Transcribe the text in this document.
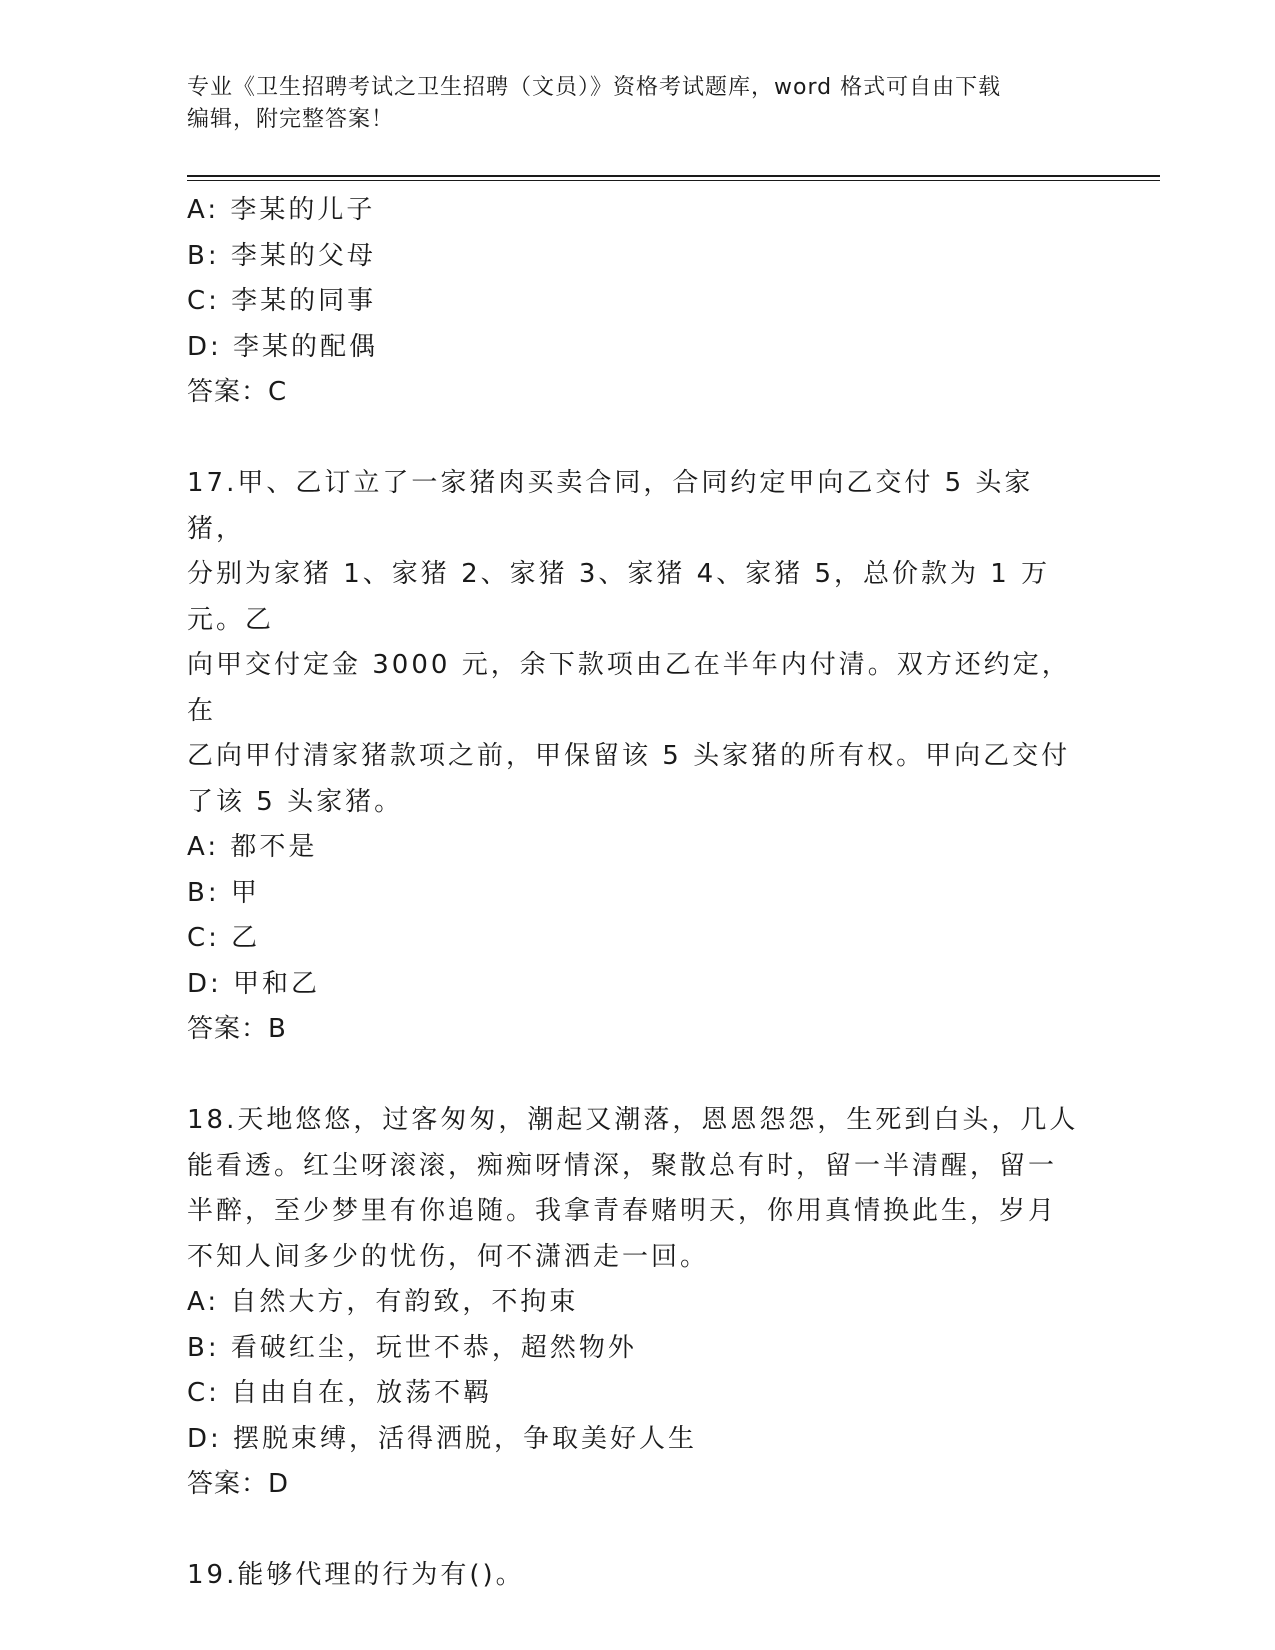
专业《卫生招聘考试之卫生招聘（文员）》资格考试题库，word 格式可自由下载
编辑，附完整答案！
A: 李某的儿子
B: 李某的父母
C: 李某的同事
D: 李某的配偶
答案：C
17.甲、乙订立了一家猪肉买卖合同，合同约定甲向乙交付 5 头家猪，
分别为家猪 1、家猪 2、家猪 3、家猪 4、家猪 5，总价款为 1 万元。乙
向甲交付定金 3000 元，余下款项由乙在半年内付清。双方还约定，在
乙向甲付清家猪款项之前，甲保留该 5 头家猪的所有权。甲向乙交付
了该 5 头家猪。
A: 都不是
B: 甲
C: 乙
D: 甲和乙
答案：B
18.天地悠悠，过客匆匆，潮起又潮落，恩恩怨怨，生死到白头，几人
能看透。红尘呀滚滚，痴痴呀情深，聚散总有时，留一半清醒，留一
半醉，至少梦里有你追随。我拿青春赌明天，你用真情换此生，岁月
不知人间多少的忧伤，何不潇洒走一回。
A: 自然大方，有韵致，不拘束
B: 看破红尘，玩世不恭，超然物外
C: 自由自在，放荡不羁
D: 摆脱束缚，活得洒脱，争取美好人生
答案：D
19.能够代理的行为有()。
